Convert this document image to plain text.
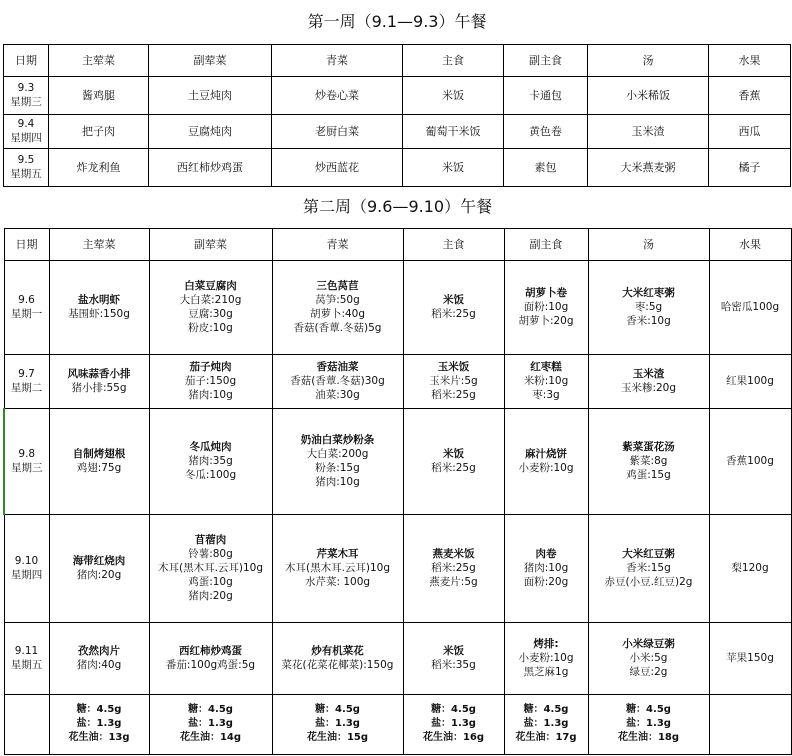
第一周（9.1—9.3）午餐							
日期	主荤菜	副荤菜	青菜	主食	副主食	汤	水果

9.3
星期三	酱鸡腿	土豆炖肉	炒卷心菜	米饭	卡通包	小米稀饭	香蕉

9.4
星期四	把子肉	豆腐炖肉	老厨白菜	葡萄干米饭	黄色卷	玉米渣	西瓜

9.5
星期五	炸龙利鱼	西红柿炒鸡蛋	炒西蓝花	米饭	素包	大米燕麦粥	橘子
第二周（9.6—9.10）午餐							
日期	主荤菜	副荤菜	青菜	主食	副主食	汤	水果

9.6
星期一	盐水明虾
基围虾:150g	白菜豆腐肉
大白菜:210g
豆腐:30g
粉皮:10g	三色莴苣
莴笋:50g
胡萝卜:40g
香菇(香蕈.冬菇)5g	米饭
稻米:25g	胡萝卜卷
面粉:10g
胡萝卜:20g	大米红枣粥
枣:5g
香米:10g	哈密瓜100g

9.7
星期二	风味蒜香小排
猪小排:55g	茄子炖肉
茄子:150g
猪肉:10g	香菇油菜
香菇(香蕈.冬菇)30g
油菜:30g	玉米饭
玉米片:5g
稻米:25g	红枣糕
米粉:10g
枣:3g	玉米渣
玉米糁:20g	红果100g

9.8
星期三	自制烤翅根
鸡翅:75g	冬瓜炖肉
猪肉:35g
冬瓜:100g	奶油白菜炒粉条
大白菜:200g
粉条:15g
猪肉:10g	米饭
稻米:25g	麻汁烧饼
小麦粉:10g	紫菜蛋花汤
紫菜:8g
鸡蛋:15g	香蕉100g

9.10
星期四	海带红烧肉
猪肉:20g	苜蓿肉
铃薯:80g
木耳(黑木耳.云耳)10g
鸡蛋:10g
猪肉:20g	芹菜木耳
木耳(黑木耳.云耳)10g
水芹菜: 100g	燕麦米饭
稻米:25g
燕麦片:5g	肉卷
猪肉:10g
面粉:20g	大米红豆粥
香米:15g
赤豆(小豆.红豆)2g	梨120g

9.11
星期五	孜然肉片
猪肉:40g	西红柿炒鸡蛋
番茄:100g鸡蛋:5g	炒有机菜花
菜花(花菜花椰菜):150g	米饭
稻米:35g	烤排:
小麦粉:10g
黑芝麻1g	小米绿豆粥
小米:5g
绿豆:2g	苹果150g

	糖：4.5g
盐：1.3g
花生油：13g	糖：4.5g
盐：1.3g
花生油：14g	糖：4.5g
盐：1.3g
花生油：15g	糖：4.5g
盐：1.3g
花生油：16g	糖：4.5g
盐：1.3g
花生油：17g	糖：4.5g
盐：1.3g
花生油：18g	
